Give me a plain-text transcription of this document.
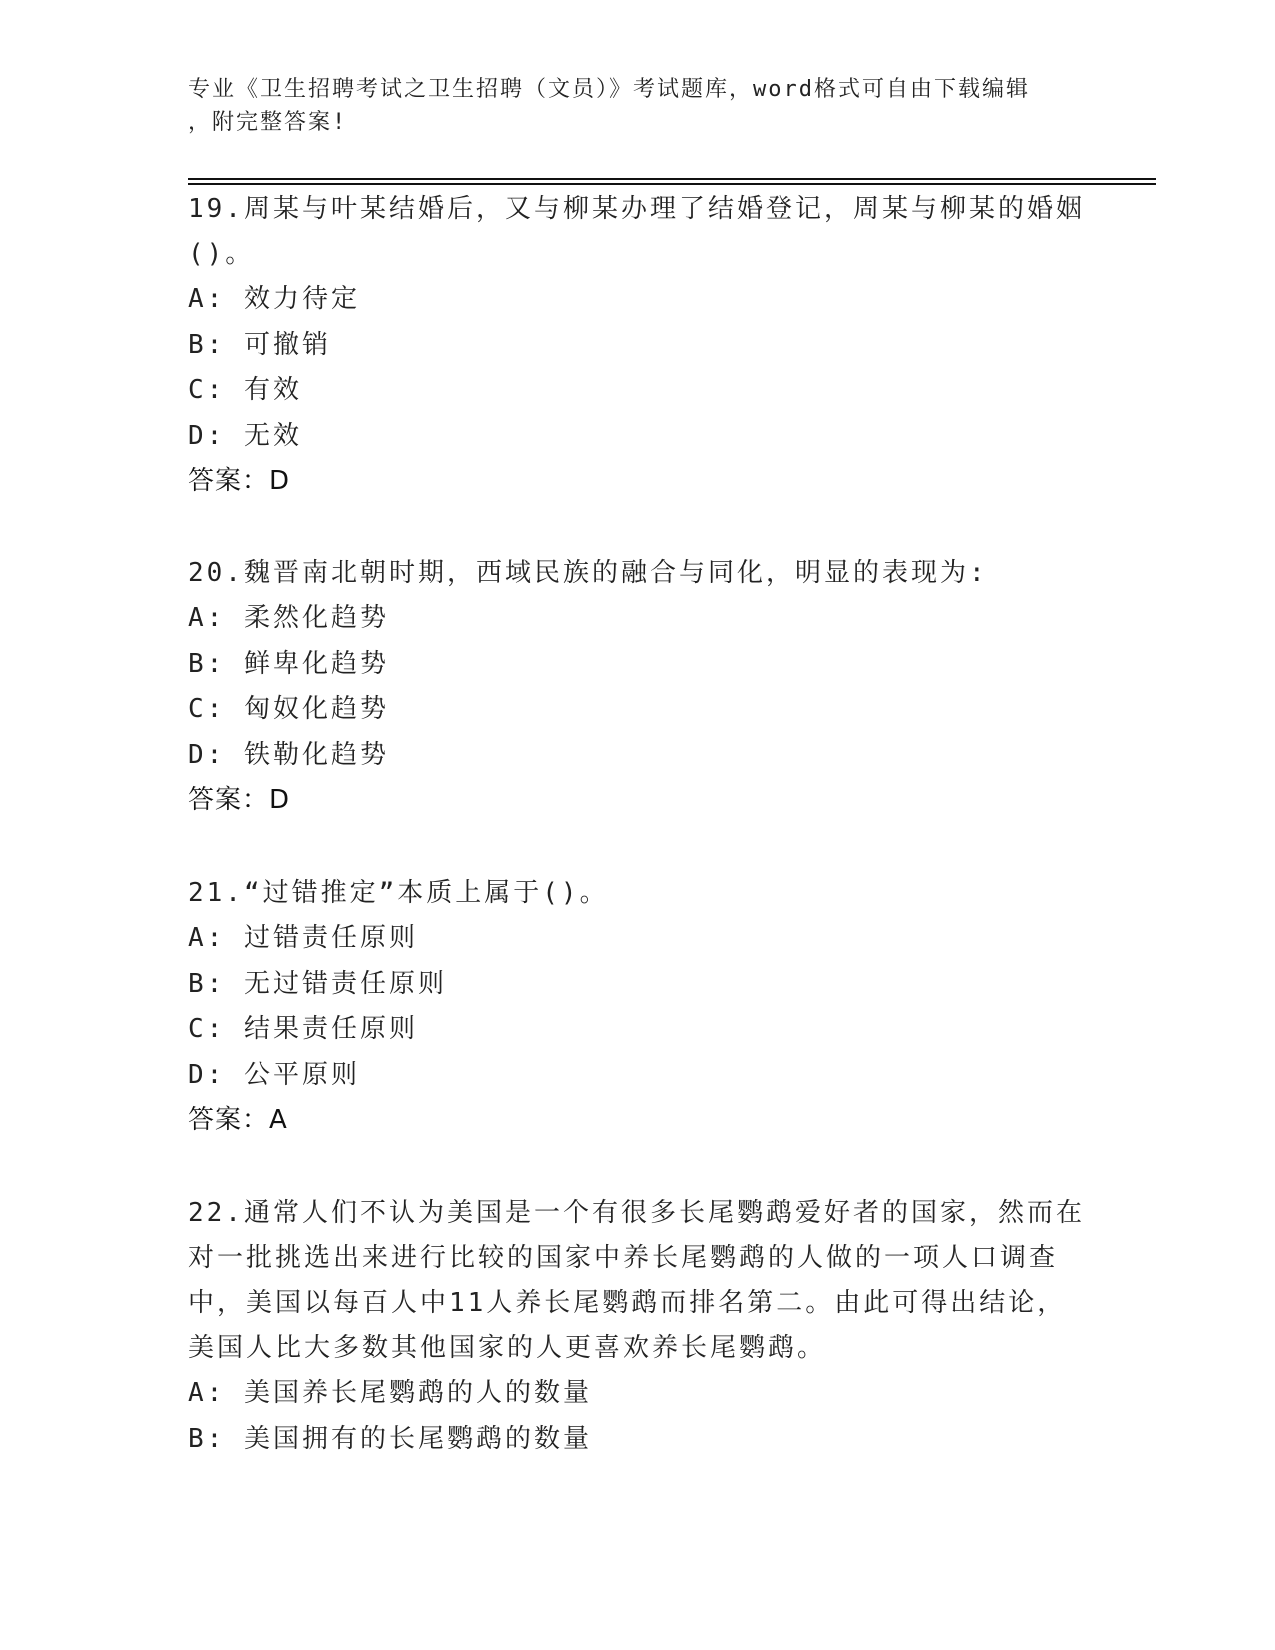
专业《卫生招聘考试之卫生招聘（文员）》考试题库，word格式可自由下载编辑
，附完整答案!
19.周某与叶某结婚后，又与柳某办理了结婚登记，周某与柳某的婚姻()。
A: 效力待定
B: 可撤销
C: 有效
D: 无效
答案：D
20.魏晋南北朝时期，西域民族的融合与同化，明显的表现为:
A: 柔然化趋势
B: 鲜卑化趋势
C: 匈奴化趋势
D: 铁勒化趋势
答案：D
21.“过错推定”本质上属于()。
A: 过错责任原则
B: 无过错责任原则
C: 结果责任原则
D: 公平原则
答案：A
22.通常人们不认为美国是一个有很多长尾鹦鹉爱好者的国家，然而在对一批挑选出来进行比较的国家中养长尾鹦鹉的人做的一项人口调查中，美国以每百人中11人养长尾鹦鹉而排名第二。由此可得出结论，美国人比大多数其他国家的人更喜欢养长尾鹦鹉。
A: 美国养长尾鹦鹉的人的数量
B: 美国拥有的长尾鹦鹉的数量
